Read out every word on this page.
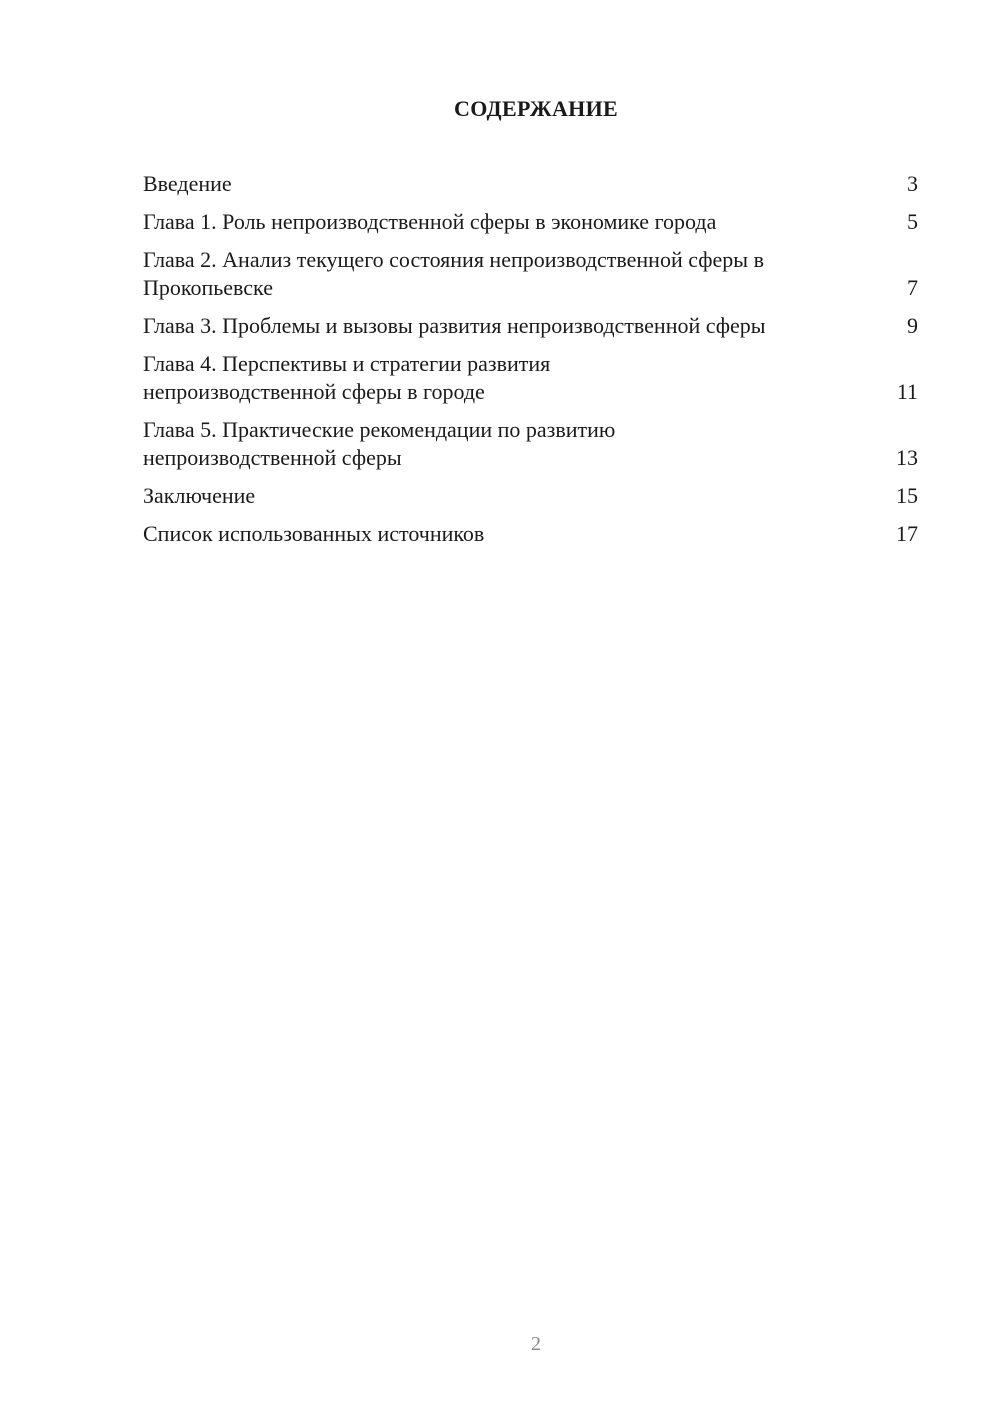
СОДЕРЖАНИЕ
Введение	3
Глава 1. Роль непроизводственной сферы в экономике города	5
Глава 2. Анализ текущего состояния непроизводственной сферы в Прокопьевске	7
Глава 3. Проблемы и вызовы развития непроизводственной сферы	9
Глава 4. Перспективы и стратегии развития непроизводственной сферы в городе	11
Глава 5. Практические рекомендации по развитию непроизводственной сферы	13
Заключение	15
Список использованных источников	17
2
